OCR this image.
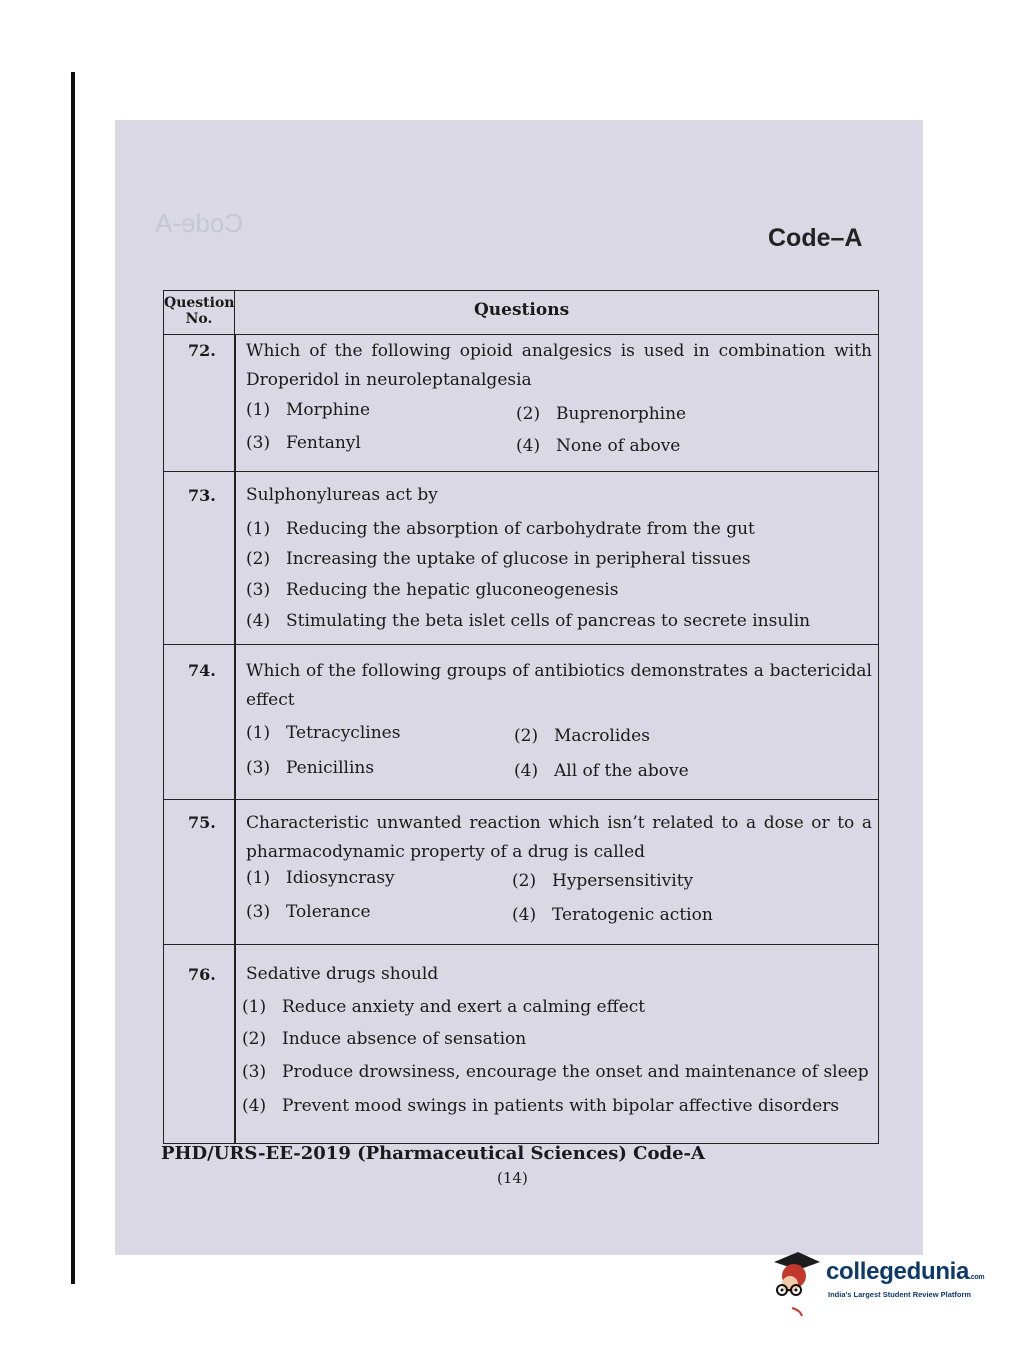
Code-A	Code–A
Question
No.	Questions
72. Which of the following opioid analgesics is used in combination with Droperidol in neuroleptanalgesia
(1) Morphine	(2) Buprenorphine
(3) Fentanyl	(4) None of above
73. Sulphonylureas act by
(1) Reducing the absorption of carbohydrate from the gut
(2) Increasing the uptake of glucose in peripheral tissues
(3) Reducing the hepatic gluconeogenesis
(4) Stimulating the beta islet cells of pancreas to secrete insulin
74. Which of the following groups of antibiotics demonstrates a bactericidal effect
(1) Tetracyclines	(2) Macrolides
(3) Penicillins	(4) All of the above
75. Characteristic unwanted reaction which isn’t related to a dose or to a pharmacodynamic property of a drug is called
(1) Idiosyncrasy	(2) Hypersensitivity
(3) Tolerance	(4) Teratogenic action
76. Sedative drugs should
(1) Reduce anxiety and exert a calming effect
(2) Induce absence of sensation
(3) Produce drowsiness, encourage the onset and maintenance of sleep
(4) Prevent mood swings in patients with bipolar affective disorders
PHD/URS-EE-2019 (Pharmaceutical Sciences) Code-A
(14)
collegedunia.com
India's Largest Student Review Platform
